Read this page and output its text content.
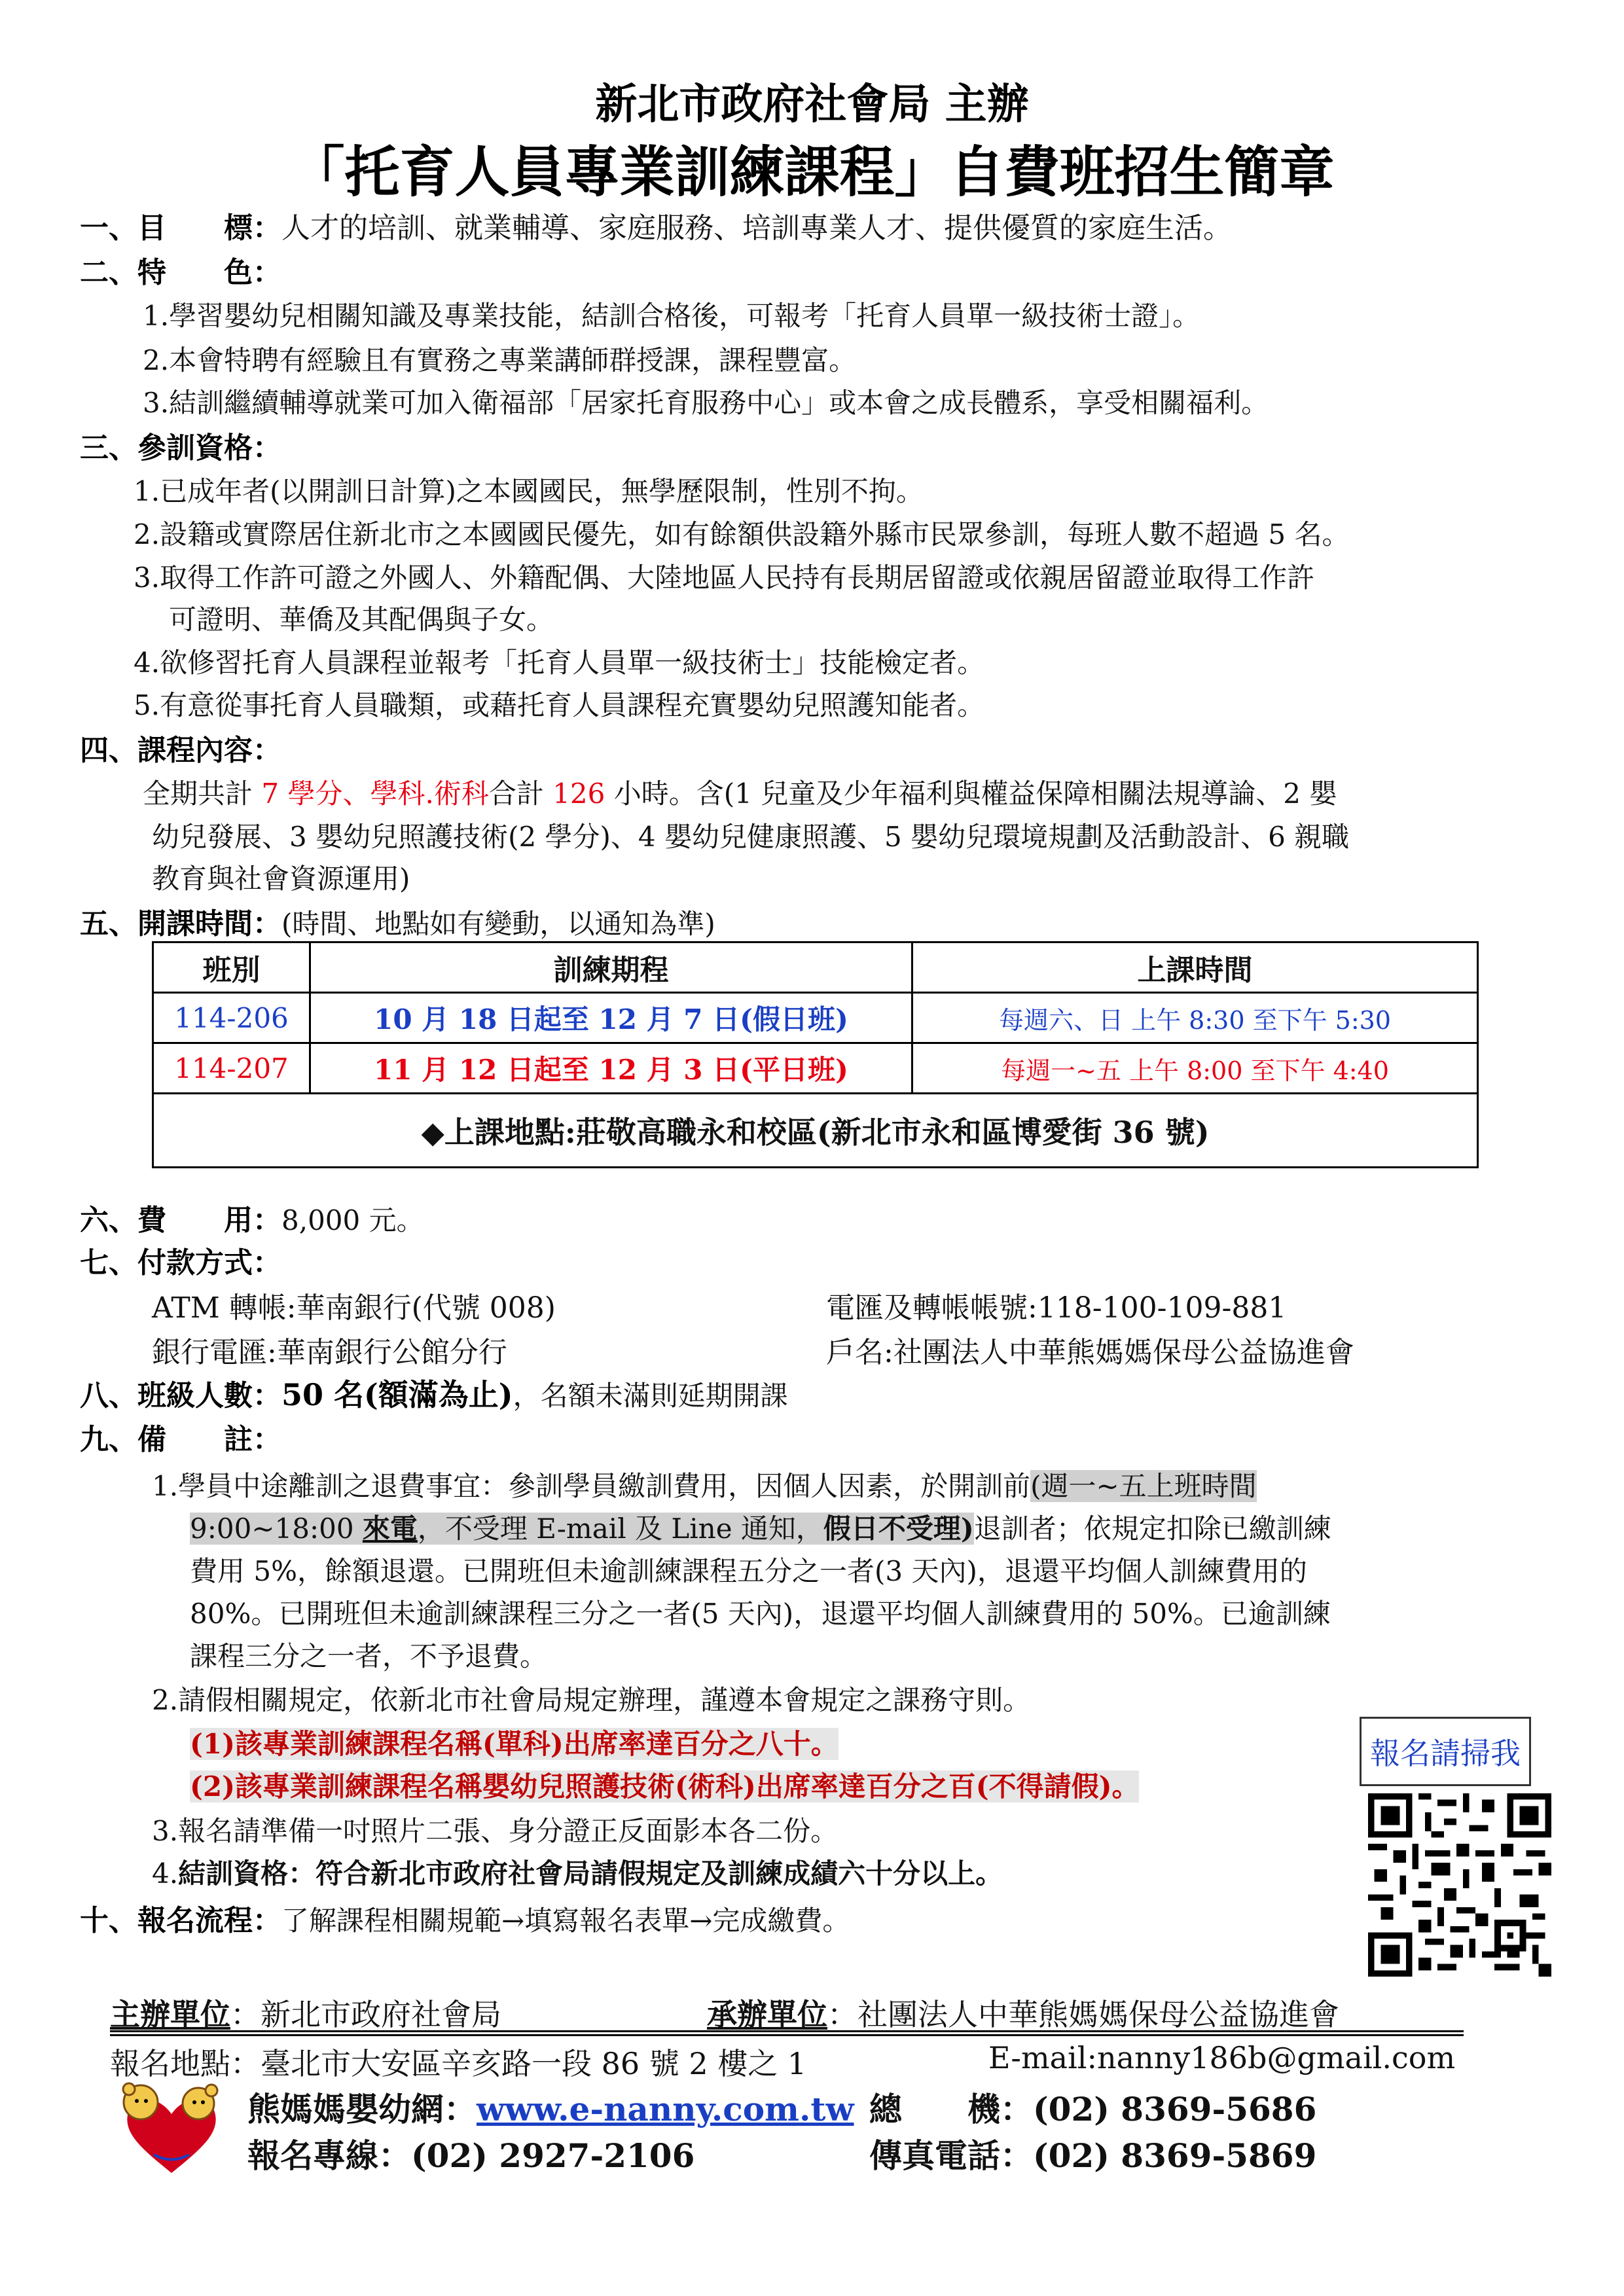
新北市政府社會局 主辦
「托育人員專業訓練課程」自費班招生簡章
一、目　　標：人才的培訓、就業輔導、家庭服務、培訓專業人才、提供優質的家庭生活。
二、特　　色：
1.學習嬰幼兒相關知識及專業技能，結訓合格後，可報考「托育人員單一級技術士證」。
2.本會特聘有經驗且有實務之專業講師群授課，課程豐富。
3.結訓繼續輔導就業可加入衛福部「居家托育服務中心」或本會之成長體系，享受相關福利。
三、參訓資格：
1.已成年者(以開訓日計算)之本國國民，無學歷限制，性別不拘。
2.設籍或實際居住新北市之本國國民優先，如有餘額供設籍外縣市民眾參訓，每班人數不超過 5 名。
3.取得工作許可證之外國人、外籍配偶、大陸地區人民持有長期居留證或依親居留證並取得工作許
可證明、華僑及其配偶與子女。
4.欲修習托育人員課程並報考「托育人員單一級技術士」技能檢定者。
5.有意從事托育人員職類，或藉托育人員課程充實嬰幼兒照護知能者。
四、課程內容：
全期共計 7 學分、學科.術科合計 126 小時。含(1 兒童及少年福利與權益保障相關法規導論、2 嬰
幼兒發展、3 嬰幼兒照護技術(2 學分)、4 嬰幼兒健康照護、5 嬰幼兒環境規劃及活動設計、6 親職
教育與社會資源運用)
五、開課時間：(時間、地點如有變動，以通知為準)
班別	訓練期程	上課時間
114-206	10 月 18 日起至 12 月 7 日(假日班)	每週六、日 上午 8:30 至下午 5:30
114-207	11 月 12 日起至 12 月 3 日(平日班)	每週一~五 上午 8:00 至下午 4:40
◆上課地點:莊敬高職永和校區(新北市永和區博愛街 36 號)		
六、費　　用：8,000 元。
七、付款方式：
ATM 轉帳:華南銀行(代號 008)	電匯及轉帳帳號:118-100-109-881
銀行電匯:華南銀行公館分行	戶名:社團法人中華熊媽媽保母公益協進會
八、班級人數：50 名(額滿為止)，名額未滿則延期開課
九、備　　註：
1.學員中途離訓之退費事宜：參訓學員繳訓費用，因個人因素，於開訓前(週一~五上班時間
9:00~18:00 來電，不受理 E-mail 及 Line 通知，假日不受理)退訓者；依規定扣除已繳訓練
費用 5%，餘額退還。已開班但未逾訓練課程五分之一者(3 天內)，退還平均個人訓練費用的
80%。已開班但未逾訓練課程三分之一者(5 天內)，退還平均個人訓練費用的 50%。已逾訓練
課程三分之一者，不予退費。
2.請假相關規定，依新北市社會局規定辦理，謹遵本會規定之課務守則。
(1)該專業訓練課程名稱(單科)出席率達百分之八十。
(2)該專業訓練課程名稱嬰幼兒照護技術(術科)出席率達百分之百(不得請假)。
3.報名請準備一吋照片二張、身分證正反面影本各二份。
4.結訓資格：符合新北市政府社會局請假規定及訓練成績六十分以上。
十、報名流程：了解課程相關規範→填寫報名表單→完成繳費。
報名請掃我
主辦單位：新北市政府社會局	承辦單位：社團法人中華熊媽媽保母公益協進會
報名地點：臺北市大安區辛亥路一段 86 號 2 樓之 1	E-mail:nanny186b@gmail.com
熊媽媽嬰幼網：www.e-nanny.com.tw 總　　機：(02) 8369-5686
報名專線：(02) 2927-2106	傳真電話：(02) 8369-5869
